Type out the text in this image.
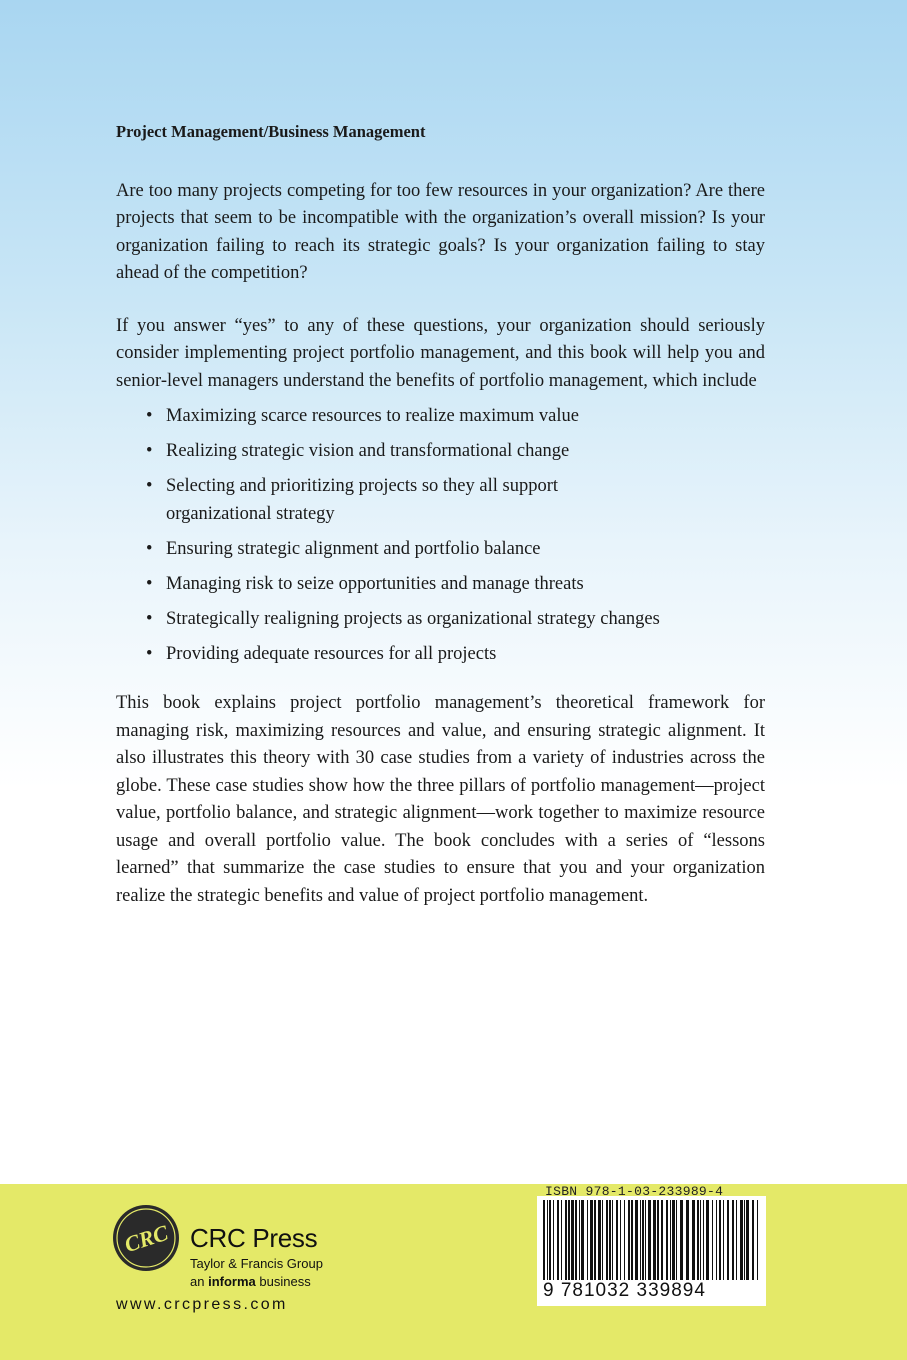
Project Management/Business Management

Are too many projects competing for too few resources in your organization? Are there projects that seem to be incompatible with the organization’s overall mission? Is your organization failing to reach its strategic goals? Is your organization failing to stay ahead of the competition?

If you answer “yes” to any of these questions, your organization should seriously consider implementing project portfolio management, and this book will help you and senior-level managers understand the benefits of portfolio management, which include

• Maximizing scarce resources to realize maximum value
• Realizing strategic vision and transformational change
• Selecting and prioritizing projects so they all support organizational strategy
• Ensuring strategic alignment and portfolio balance
• Managing risk to seize opportunities and manage threats
• Strategically realigning projects as organizational strategy changes
• Providing adequate resources for all projects

This book explains project portfolio management’s theoretical framework for managing risk, maximizing resources and value, and ensuring strategic alignment. It also illustrates this theory with 30 case studies from a variety of industries across the globe. These case studies show how the three pillars of portfolio management—project value, portfolio balance, and strategic alignment—work together to maximize resource usage and overall portfolio value. The book concludes with a series of “lessons learned” that summarize the case studies to ensure that you and your organization realize the strategic benefits and value of project portfolio management.

CRC CRC Press
Taylor & Francis Group
an informa business
www.crcpress.com
ISBN 978-1-03-233989-4
9 781032 339894
